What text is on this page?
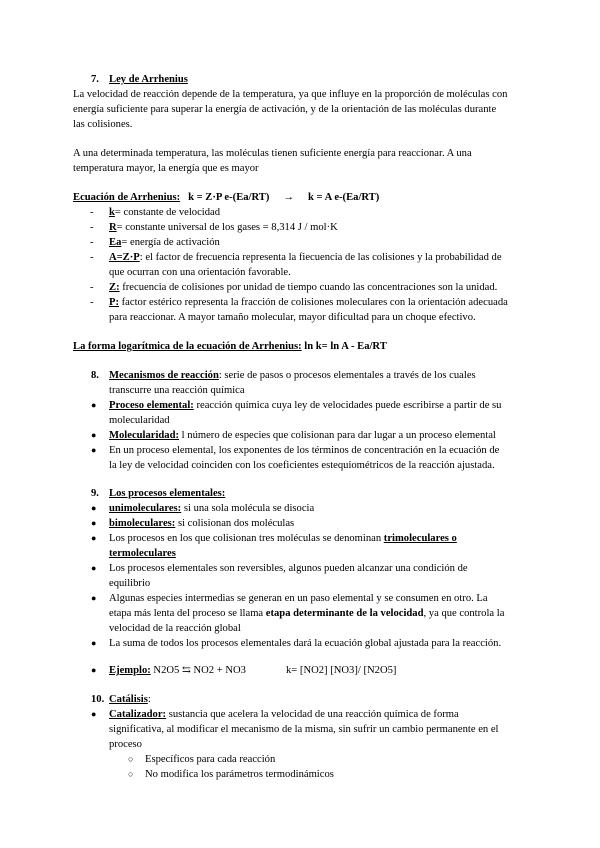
7. Ley de Arrhenius
La velocidad de reacción depende de la temperatura, ya que influye en la proporción de moléculas con
energía suficiente para superar la energía de activación, y de la orientación de las moléculas durante
las colisiones.
A una determinada temperatura, las moléculas tienen suficiente energía para reaccionar. A una
temperatura mayor, la energía que es mayor
Ecuación de Arrhenius: k = Z·P e-(Ea/RT) → k = A e-(Ea/RT)
- k= constante de velocidad
- R= constante universal de los gases = 8,314 J / mol·K
- Ea= energía de activación
- A=Z·P: el factor de frecuencia representa la fiecuencia de las colisiones y la probabilidad de
que ocurran con una orientación favorable.
- Z: frecuencia de colisiones por unidad de tiempo cuando las concentraciones son la unidad.
- P: factor estérico representa la fracción de colisiones moleculares con la orientación adecuada
para reaccionar. A mayor tamaño molecular, mayor dificultad para un choque efectivo.
La forma logarítmica de la ecuación de Arrhenius: ln k= ln A - Ea/RT
8. Mecanismos de reacción: serie de pasos o procesos elementales a través de los cuales
transcurre una reacción química
● Proceso elemental: reacción química cuya ley de velocidades puede escribirse a partir de su
molecularidad
● Molecularidad: l número de especies que colisionan para dar lugar a un proceso elemental
● En un proceso elemental, los exponentes de los términos de concentración en la ecuación de
la ley de velocidad coinciden con los coeficientes estequiométricos de la reacción ajustada.
9. Los procesos elementales:
● unimoleculares: si una sola molécula se disocia
● bimoleculares: si colisionan dos moléculas
● Los procesos en los que colisionan tres moléculas se denominan trimoleculares o
termoleculares
● Los procesos elementales son reversibles, algunos pueden alcanzar una condición de
equilibrio
● Algunas especies intermedias se generan en un paso elemental y se consumen en otro. La
etapa más lenta del proceso se llama etapa determinante de la velocidad, ya que controla la
velocidad de la reacción global
● La suma de todos los procesos elementales dará la ecuación global ajustada para la reacción.
● Ejemplo: N2O5 ⇆ NO2 + NO3	k= [NO2] [NO3]/ [N2O5]
10. Catálisis:
● Catalizador: sustancia que acelera la velocidad de una reacción química de forma
significativa, al modificar el mecanismo de la misma, sin sufrir un cambio permanente en el
proceso
○ Específicos para cada reacción
○ No modifica los parámetros termodinámicos
